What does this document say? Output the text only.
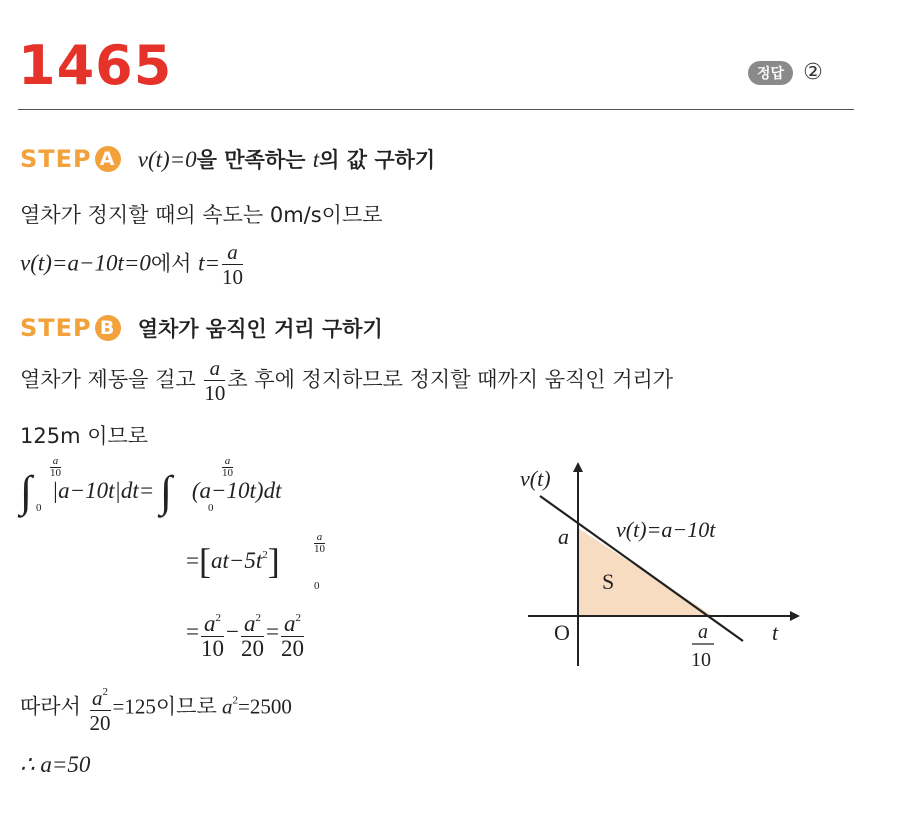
1465	정답 ②
STEP A v(t)=0을 만족하는 t의 값 구하기
열차가 정지할 때의 속도는 0m/s이므로
v(t)=a−10t=0에서 $t= \frac{a}{10}$
STEP B 열차가 움직인 거리 구하기
열차가 제동을 걸고 $\frac{a}{10}$ 초 후에 정지하므로 정지할 때까지 움직인 거리가
125m 이므로
∫
a
10
0
|a−10t|dt= ∫
a
10
0
(a−10t)dt
$=[at-5t^2]$
a
10
0
= $\frac{a^2}{10} - \frac{a^2}{20} = \frac{a^2}{20}$
따라서 $\frac{a^2}{20} =125$이므로 $a^2=2500$
∴ a=50
v(t)
t
O
a v(t)=a−10t
S
a
10
